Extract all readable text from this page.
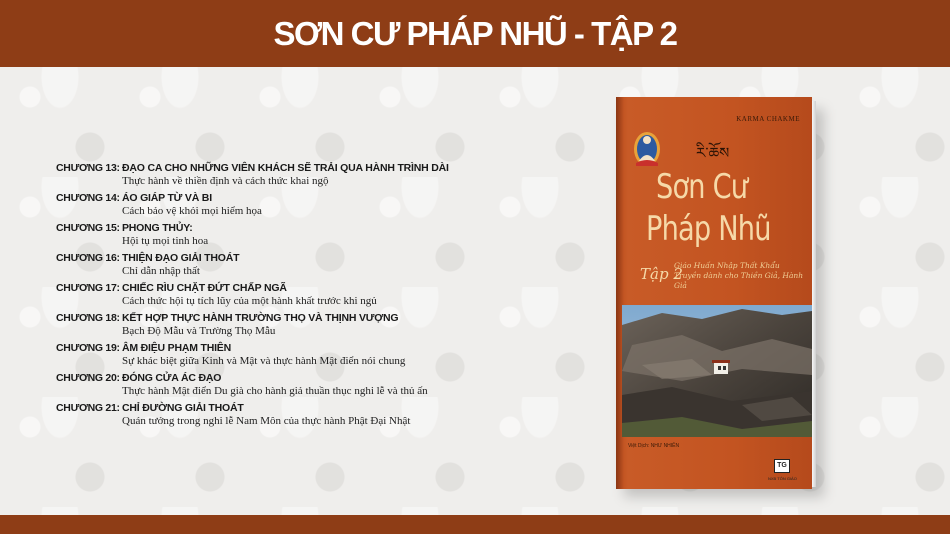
SƠN CƯ PHÁP NHŨ - TẬP 2
CHƯƠNG 13: ĐẠO CA CHO NHỮNG VIÊN KHÁCH SẼ TRẢI QUA HÀNH TRÌNH DÀI
Thực hành về thiền định và cách thức khai ngộ
CHƯƠNG 14: ÁO GIÁP TỪ VÀ BI
Cách bảo vệ khỏi mọi hiểm họa
CHƯƠNG 15: PHONG THỦY:
Hội tụ mọi tinh hoa
CHƯƠNG 16: THIỆN ĐẠO GIẢI THOÁT
Chỉ dẫn nhập thất
CHƯƠNG 17: CHIẾC RÌU CHẶT ĐỨT CHẤP NGÃ
Cách thức hội tụ tích lũy của một hành khất trước khi ngủ
CHƯƠNG 18: KẾT HỢP THỰC HÀNH TRƯỜNG THỌ VÀ THỊNH VƯỢNG
Bạch Độ Mẫu và Trường Thọ Mẫu
CHƯƠNG 19: ÂM ĐIỆU PHẠM THIÊN
Sự khác biệt giữa Kinh và Mật và thực hành Mật điển nói chung
CHƯƠNG 20: ĐÓNG CỬA ÁC ĐẠO
Thực hành Mật điển Du già cho hành giả thuần thục nghi lễ và thủ ấn
CHƯƠNG 21: CHỈ ĐƯỜNG GIẢI THOÁT
Quán tưởng trong nghi lễ Nam Môn của thực hành Phật Đại Nhật
KARMA CHAKME
རི་ཆོས
Sơn Cư
Pháp Nhũ
Tập 2
Giáo Huấn Nhập Thất Khẩu Truyền dành cho Thiền Giả, Hành Giả
Việt Dịch: NHƯ NHIÊN
TG
NXB TÔN GIÁO
